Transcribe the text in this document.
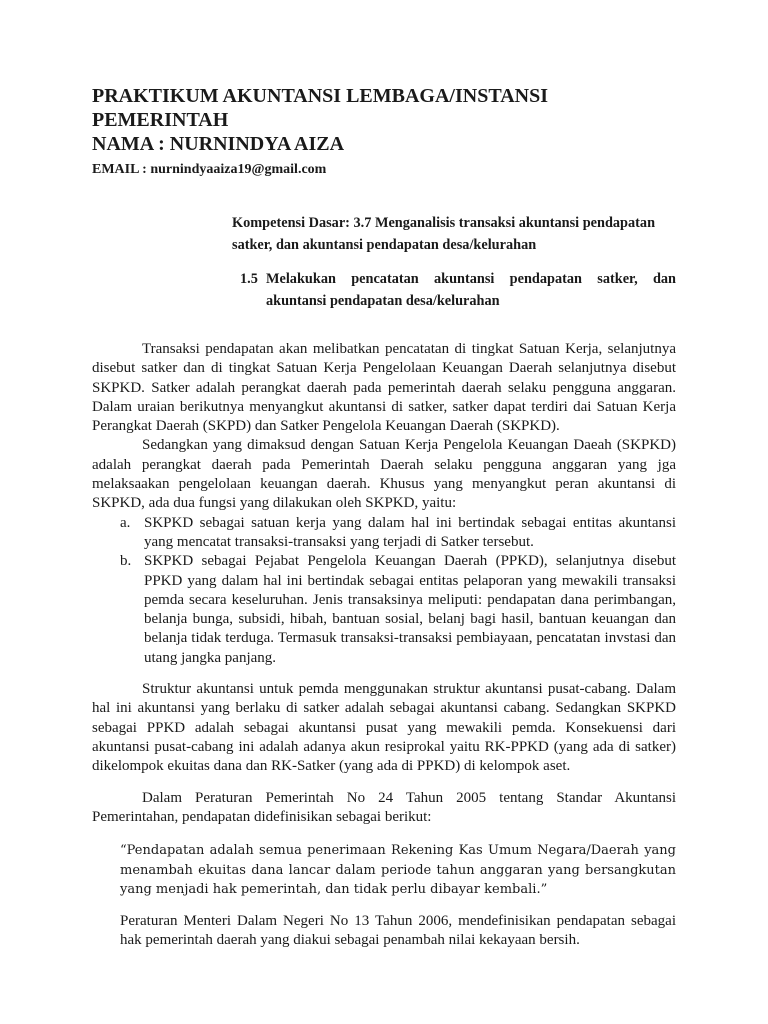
PRAKTIKUM AKUNTANSI LEMBAGA/INSTANSI PEMERINTAH

NAMA : NURNINDYA AIZA

EMAIL : nurnindyaaiza19@gmail.com

Kompetensi Dasar: 3.7 Menganalisis transaksi akuntansi pendapatan satker, dan akuntansi pendapatan desa/kelurahan

1.5 Melakukan pencatatan akuntansi pendapatan satker, dan akuntansi pendapatan desa/kelurahan

Transaksi pendapatan akan melibatkan pencatatan di tingkat Satuan Kerja, selanjutnya disebut satker dan di tingkat Satuan Kerja Pengelolaan Keuangan Daerah selanjutnya disebut SKPKD. Satker adalah perangkat daerah pada pemerintah daerah selaku pengguna anggaran. Dalam uraian berikutnya menyangkut akuntansi di satker, satker dapat terdiri dai Satuan Kerja Perangkat Daerah (SKPD) dan Satker Pengelola Keuangan Daerah (SKPKD).

Sedangkan yang dimaksud dengan Satuan Kerja Pengelola Keuangan Daeah (SKPKD) adalah perangkat daerah pada Pemerintah Daerah selaku pengguna anggaran yang jga melaksaakan pengelolaan keuangan daerah. Khusus yang menyangkut peran akuntansi di SKPKD, ada dua fungsi yang dilakukan oleh SKPKD, yaitu:

a. SKPKD sebagai satuan kerja yang dalam hal ini bertindak sebagai entitas akuntansi yang mencatat transaksi-transaksi yang terjadi di Satker tersebut.
b. SKPKD sebagai Pejabat Pengelola Keuangan Daerah (PPKD), selanjutnya disebut PPKD yang dalam hal ini bertindak sebagai entitas pelaporan yang mewakili transaksi pemda secara keseluruhan. Jenis transaksinya meliputi: pendapatan dana perimbangan, belanja bunga, subsidi, hibah, bantuan sosial, belanj bagi hasil, bantuan keuangan dan belanja tidak terduga. Termasuk transaksi-transaksi pembiayaan, pencatatan invstasi dan utang jangka panjang.

Struktur akuntansi untuk pemda menggunakan struktur akuntansi pusat-cabang. Dalam hal ini akuntansi yang berlaku di satker adalah sebagai akuntansi cabang. Sedangkan SKPKD sebagai PPKD adalah sebagai akuntansi pusat yang mewakili pemda. Konsekuensi dari akuntansi pusat-cabang ini adalah adanya akun resiprokal yaitu RK-PPKD (yang ada di satker) dikelompok ekuitas dana dan RK-Satker (yang ada di PPKD) di kelompok aset.

Dalam Peraturan Pemerintah No 24 Tahun 2005 tentang Standar Akuntansi Pemerintahan, pendapatan didefinisikan sebagai berikut:

“Pendapatan adalah semua penerimaan Rekening Kas Umum Negara/Daerah yang menambah ekuitas dana lancar dalam periode tahun anggaran yang bersangkutan yang menjadi hak pemerintah, dan tidak perlu dibayar kembali.”

Peraturan Menteri Dalam Negeri No 13 Tahun 2006, mendefinisikan pendapatan sebagai hak pemerintah daerah yang diakui sebagai penambah nilai kekayaan bersih.
